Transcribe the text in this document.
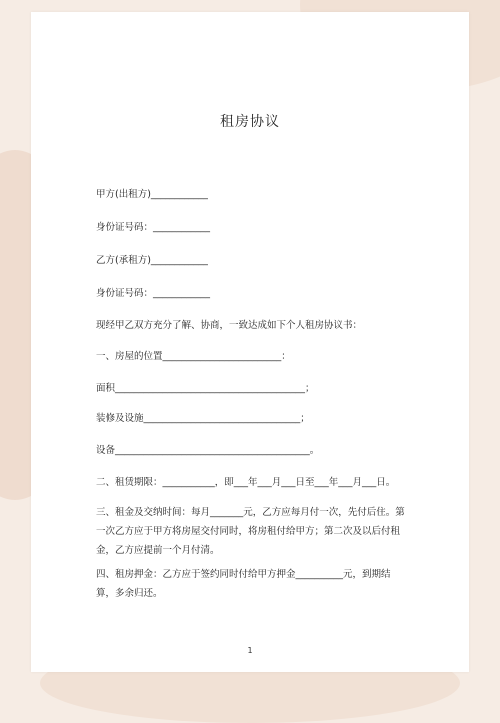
租房协议
甲方(出租方)____________
身份证号码：____________
乙方(承租方)____________
身份证号码：____________
现经甲乙双方充分了解、协商，一致达成如下个人租房协议书：
一、房屋的位置_________________________：
面积________________________________________；
装修及设施_________________________________；
设备_________________________________________。
二、租赁期限：___________，即___年___月___日至___年___月___日。
三、租金及交纳时间：每月_______元，乙方应每月付一次，先付后住。第一次乙方应于甲方将房屋交付同时，将房租付给甲方；第二次及以后付租金，乙方应提前一个月付清。
四、租房押金：乙方应于签约同时付给甲方押金__________元，到期结算，多余归还。
1
